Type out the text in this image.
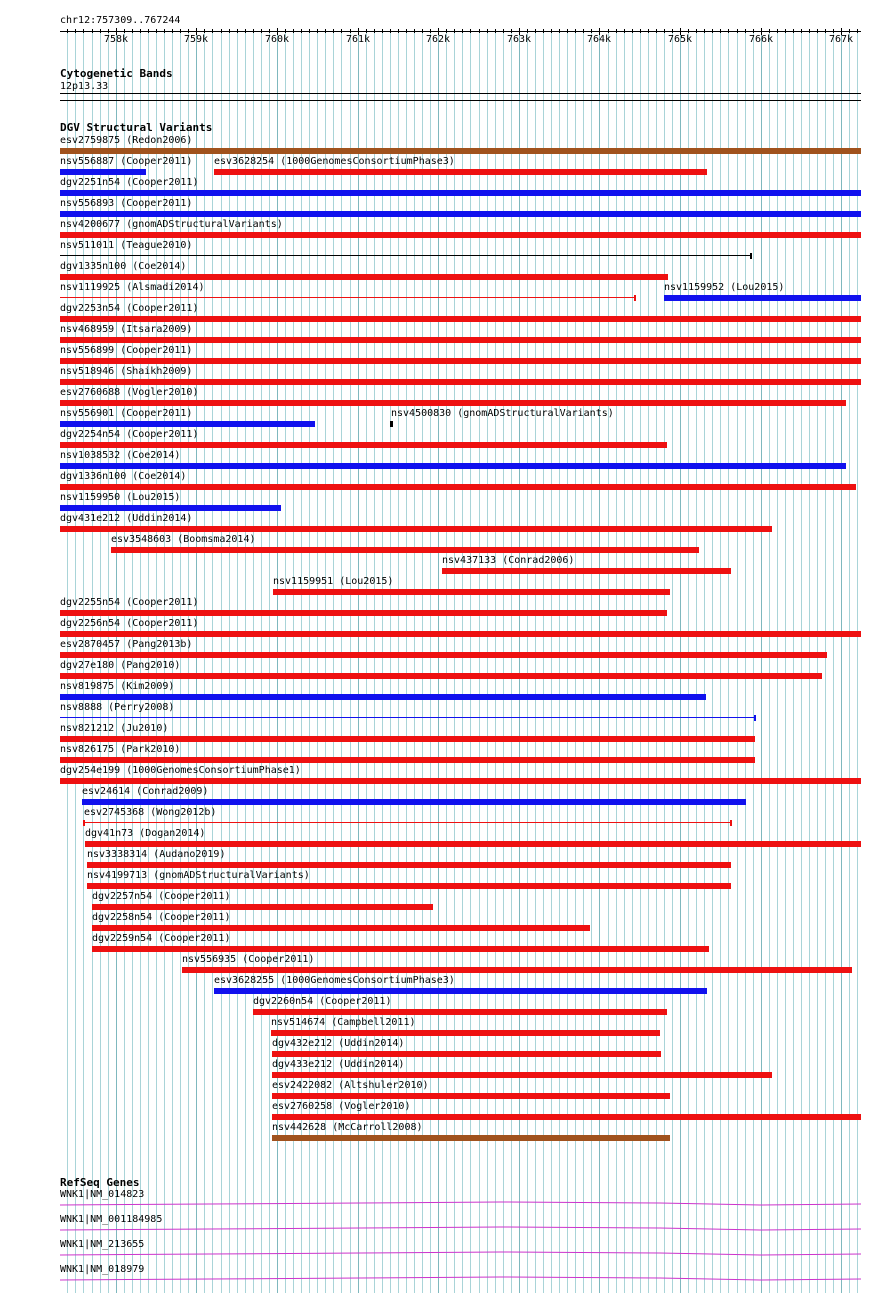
chr12:757309..767244
758k	759k	760k	761k	762k	763k	764k	765k	766k	767k
Cytogenetic Bands
12p13.33
DGV Structural Variants
esv2759875 (Redon2006)
nsv556887 (Cooper2011) esv3628254 (1000GenomesConsortiumPhase3)
dgv2251n54 (Cooper2011)
nsv556893 (Cooper2011)
nsv4200677 (gnomADStructuralVariants)
nsv511011 (Teague2010)
dgv1335n100 (Coe2014)
nsv1119925 (Alsmadi2014)	nsv1159952 (Lou2015)
dgv2253n54 (Cooper2011)
nsv468959 (Itsara2009)
nsv556899 (Cooper2011)
nsv518946 (Shaikh2009)
esv2760688 (Vogler2010)
nsv556901 (Cooper2011)	nsv4500830 (gnomADStructuralVariants)
dgv2254n54 (Cooper2011)
nsv1038532 (Coe2014)
dgv1336n100 (Coe2014)
nsv1159950 (Lou2015)
dgv431e212 (Uddin2014)
esv3548603 (Boomsma2014)
nsv437133 (Conrad2006)
nsv1159951 (Lou2015)
dgv2255n54 (Cooper2011)
dgv2256n54 (Cooper2011)
esv2870457 (Pang2013b)
dgv27e180 (Pang2010)
nsv819875 (Kim2009)
nsv8888 (Perry2008)
nsv821212 (Ju2010)
nsv826175 (Park2010)
dgv254e199 (1000GenomesConsortiumPhase1)
esv24614 (Conrad2009)
esv2745368 (Wong2012b)
dgv41n73 (Dogan2014)
nsv3338314 (Audano2019)
nsv4199713 (gnomADStructuralVariants)
dgv2257n54 (Cooper2011)
dgv2258n54 (Cooper2011)
dgv2259n54 (Cooper2011)
nsv556935 (Cooper2011)
esv3628255 (1000GenomesConsortiumPhase3)
dgv2260n54 (Cooper2011)
nsv514674 (Campbell2011)
dgv432e212 (Uddin2014)
dgv433e212 (Uddin2014)
esv2422082 (Altshuler2010)
esv2760258 (Vogler2010)
nsv442628 (McCarroll2008)
RefSeq Genes
WNK1|NM_014823
WNK1|NM_001184985
WNK1|NM_213655
WNK1|NM_018979
